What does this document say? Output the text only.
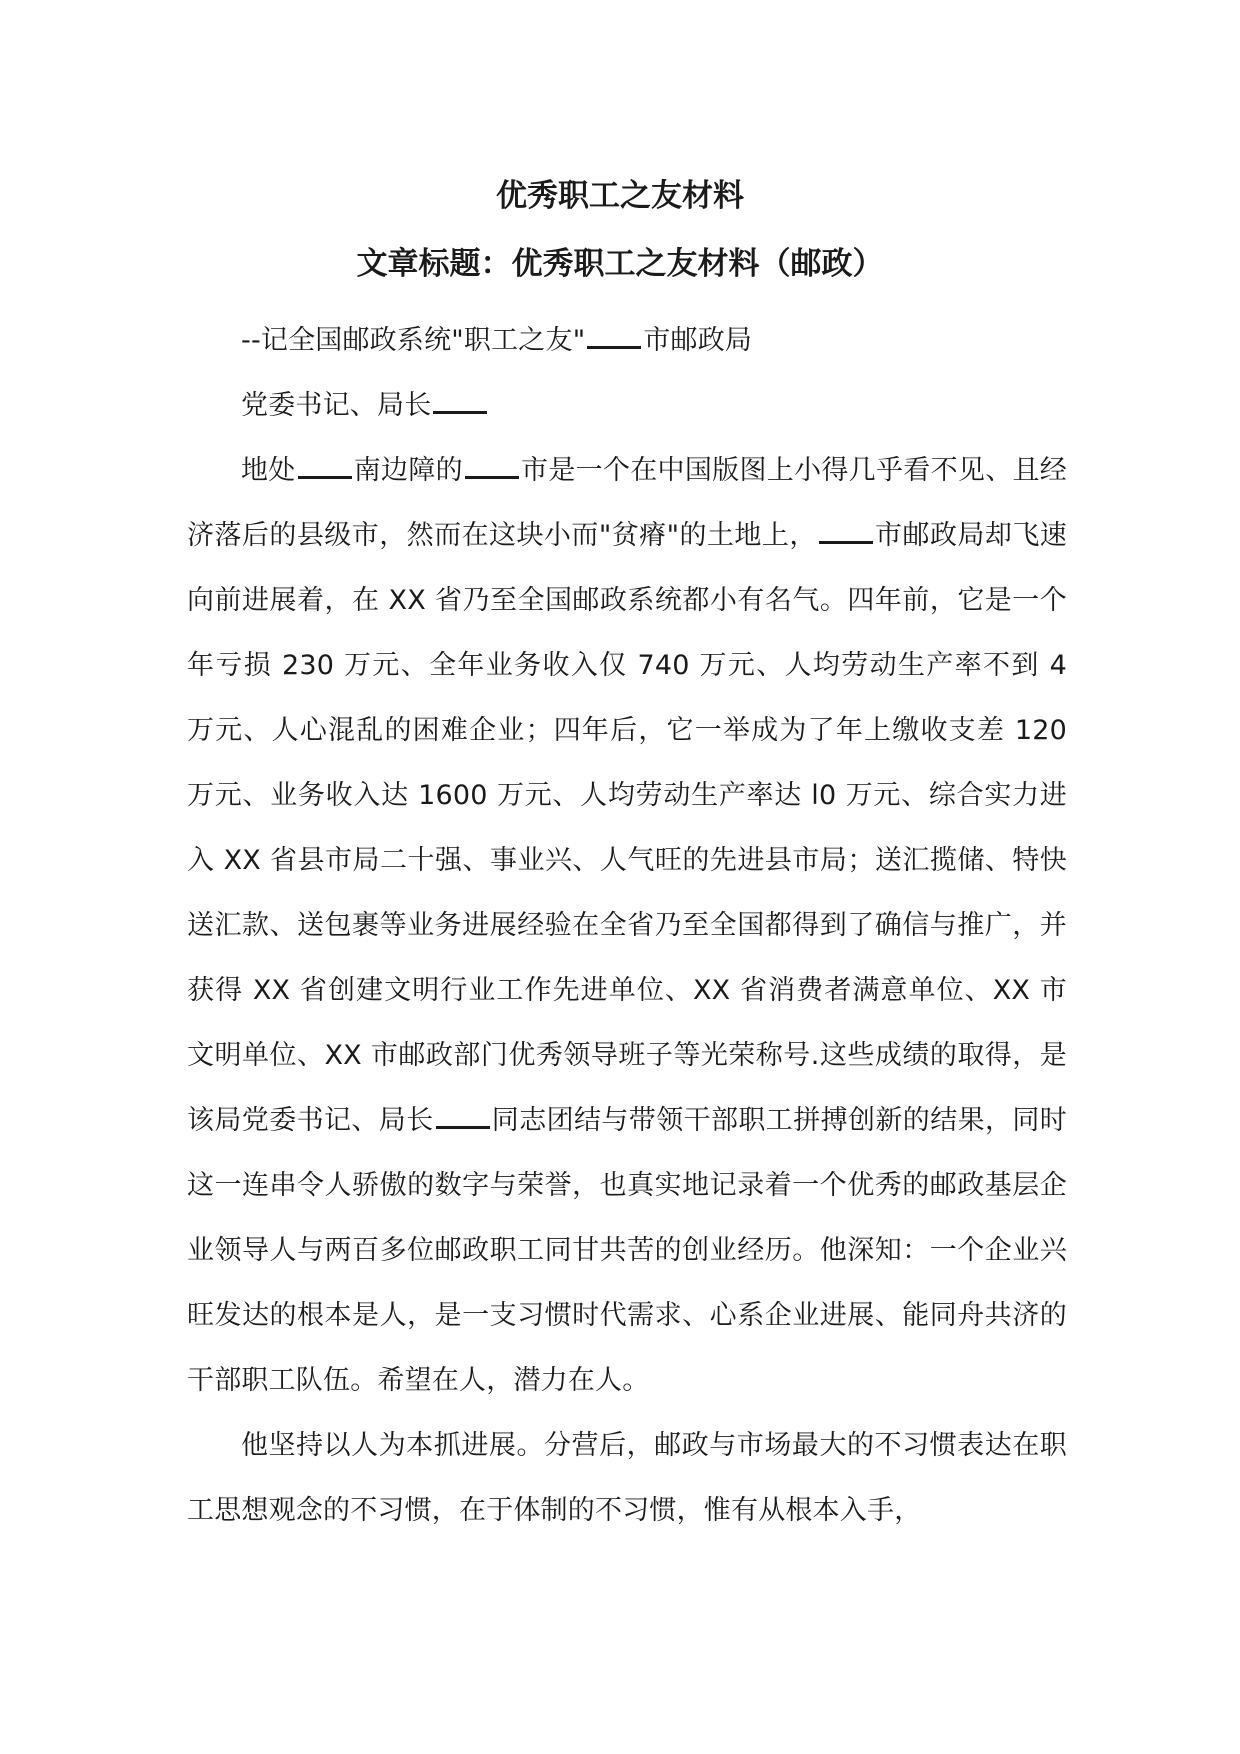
优秀职工之友材料
文章标题：优秀职工之友材料（邮政）

--记全国邮政系统"职工之友" 市邮政局

党委书记、局长

地处 南边障的 市是一个在中国版图上小得几乎看不见、且经济落后的县级市，然而在这块小而"贫瘠"的土地上， 市邮政局却飞速向前进展着，在 XX 省乃至全国邮政系统都小有名气。四年前，它是一个年亏损 230 万元、全年业务收入仅 740 万元、人均劳动生产率不到 4 万元、人心混乱的困难企业；四年后，它一举成为了年上缴收支差 120 万元、业务收入达 1600 万元、人均劳动生产率达 l0 万元、综合实力进入 XX 省县市局二十强、事业兴、人气旺的先进县市局；送汇揽储、特快送汇款、送包裹等业务进展经验在全省乃至全国都得到了确信与推广，并获得 XX 省创建文明行业工作先进单位、XX 省消费者满意单位、XX 市文明单位、XX 市邮政部门优秀领导班子等光荣称号.这些成绩的取得，是该局党委书记、局长 同志团结与带领干部职工拼搏创新的结果，同时这一连串令人骄傲的数字与荣誉，也真实地记录着一个优秀的邮政基层企业领导人与两百多位邮政职工同甘共苦的创业经历。他深知：一个企业兴旺发达的根本是人，是一支习惯时代需求、心系企业进展、能同舟共济的干部职工队伍。希望在人，潜力在人。

他坚持以人为本抓进展。分营后，邮政与市场最大的不习惯表达在职工思想观念的不习惯，在于体制的不习惯，惟有从根本入手，
